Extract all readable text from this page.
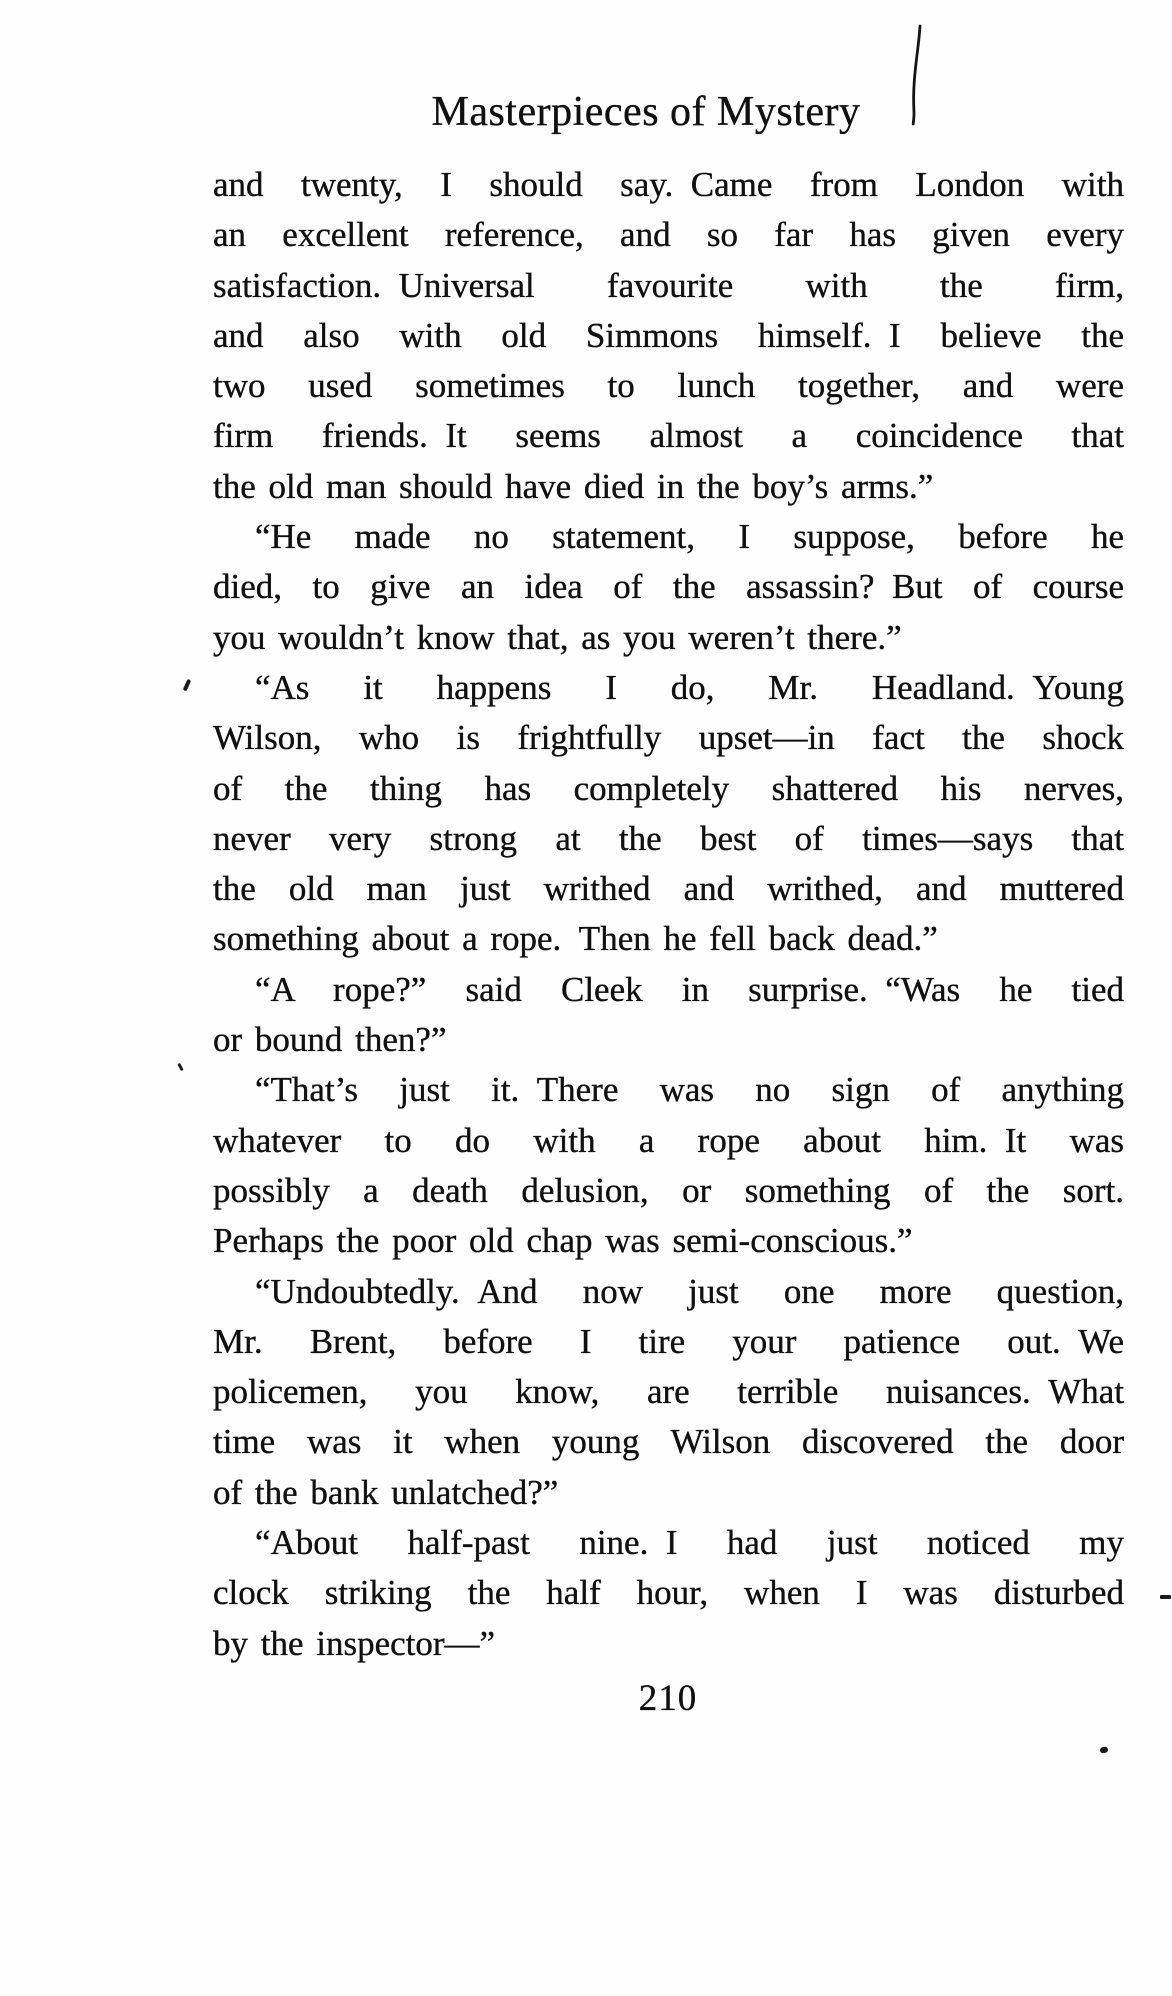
Masterpieces of Mystery
and twenty, I should say. Came from London with
an excellent reference, and so far has given every
satisfaction. Universal favourite with the firm,
and also with old Simmons himself. I believe the
two used sometimes to lunch together, and were
firm friends. It seems almost a coincidence that
the old man should have died in the boy’s arms.”
“He made no statement, I suppose, before he
died, to give an idea of the assassin? But of course
you wouldn’t know that, as you weren’t there.”
“As it happens I do, Mr. Headland. Young
Wilson, who is frightfully upset—in fact the shock
of the thing has completely shattered his nerves,
never very strong at the best of times—says that
the old man just writhed and writhed, and muttered
something about a rope. Then he fell back dead.”
“A rope?” said Cleek in surprise. “Was he tied
or bound then?”
“That’s just it. There was no sign of anything
whatever to do with a rope about him. It was
possibly a death delusion, or something of the sort.
Perhaps the poor old chap was semi-conscious.”
“Undoubtedly. And now just one more question,
Mr. Brent, before I tire your patience out. We
policemen, you know, are terrible nuisances. What
time was it when young Wilson discovered the door
of the bank unlatched?”
“About half-past nine. I had just noticed my
clock striking the half hour, when I was disturbed
by the inspector—”
210
